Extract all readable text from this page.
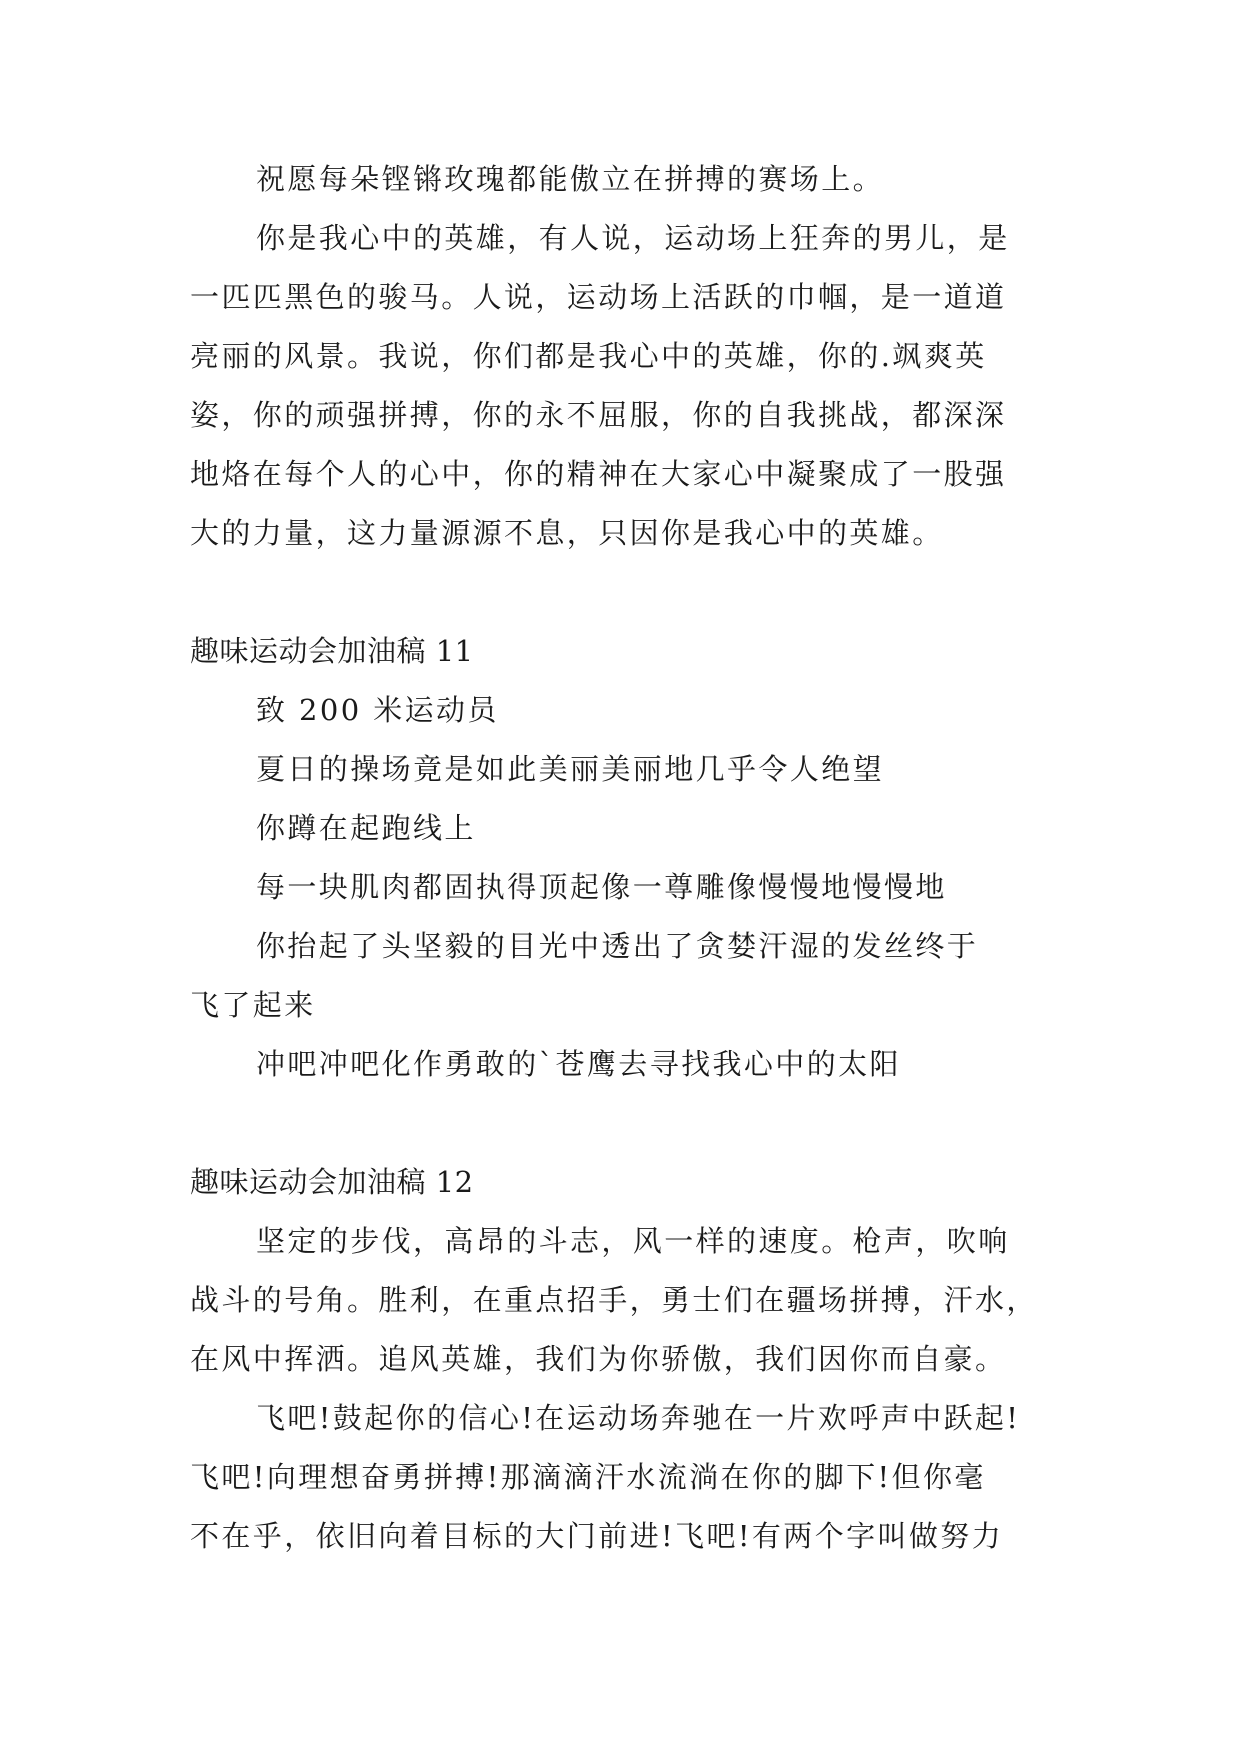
祝愿每朵铿锵玫瑰都能傲立在拼搏的赛场上。
你是我心中的英雄，有人说，运动场上狂奔的男儿，是
一匹匹黑色的骏马。人说，运动场上活跃的巾帼，是一道道
亮丽的风景。我说，你们都是我心中的英雄，你的.飒爽英
姿，你的顽强拼搏，你的永不屈服，你的自我挑战，都深深
地烙在每个人的心中，你的精神在大家心中凝聚成了一股强
大的力量，这力量源源不息，只因你是我心中的英雄。
趣味运动会加油稿 11
致 200 米运动员
夏日的操场竟是如此美丽美丽地几乎令人绝望
你蹲在起跑线上
每一块肌肉都固执得顶起像一尊雕像慢慢地慢慢地
你抬起了头坚毅的目光中透出了贪婪汗湿的发丝终于
飞了起来
冲吧冲吧化作勇敢的`苍鹰去寻找我心中的太阳
趣味运动会加油稿 12
坚定的步伐，高昂的斗志，风一样的速度。枪声，吹响
战斗的号角。胜利，在重点招手，勇士们在疆场拼搏，汗水，
在风中挥洒。追风英雄，我们为你骄傲，我们因你而自豪。
飞吧!鼓起你的信心!在运动场奔驰在一片欢呼声中跃起!
飞吧!向理想奋勇拼搏!那滴滴汗水流淌在你的脚下!但你毫
不在乎，依旧向着目标的大门前进!飞吧!有两个字叫做努力
